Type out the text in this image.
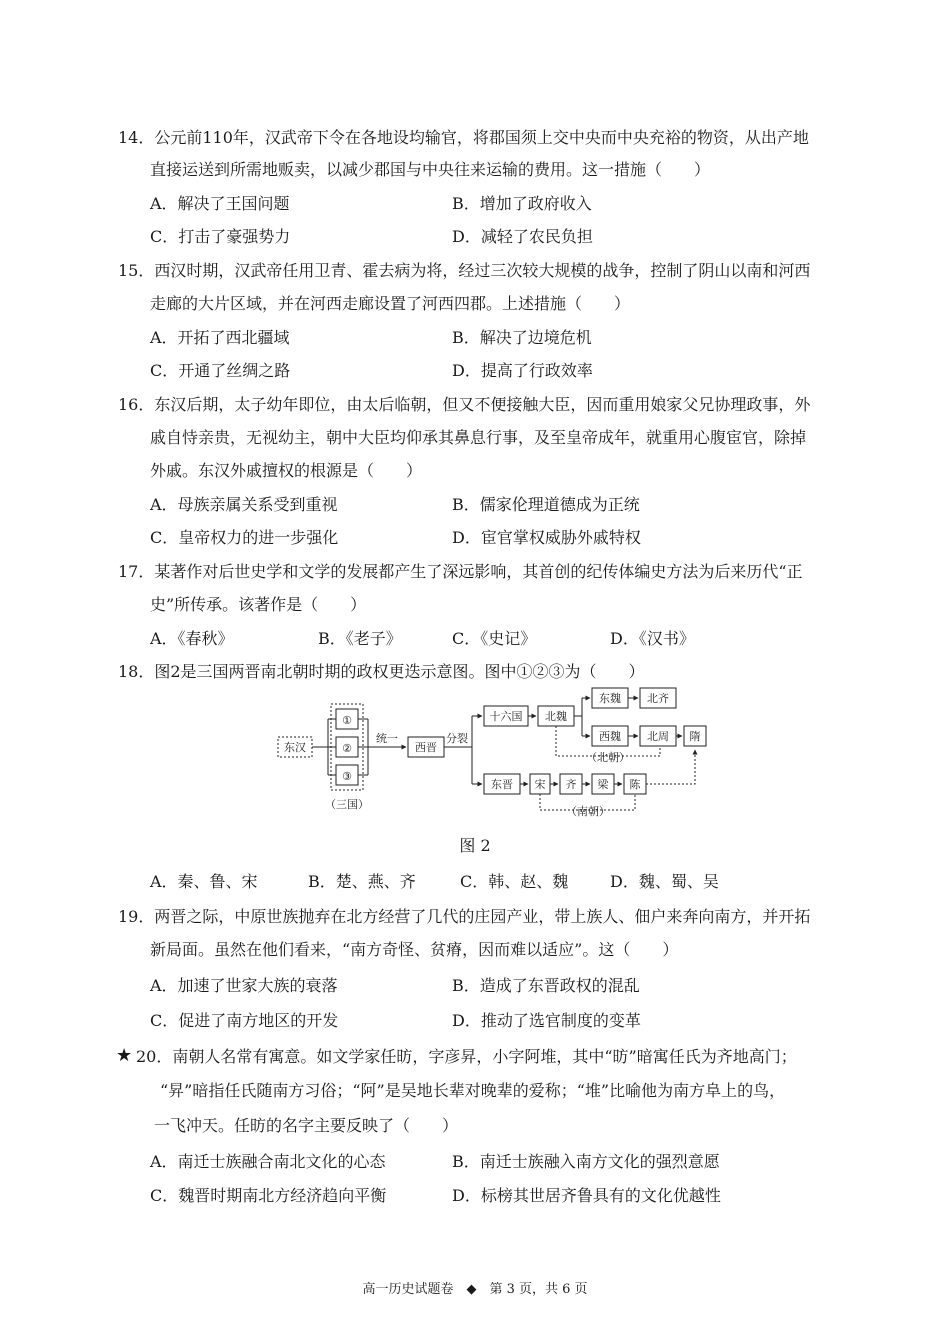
14．公元前110年，汉武帝下令在各地设均输官，将郡国须上交中央而中央充裕的物资，从出产地
直接运送到所需地贩卖，以减少郡国与中央往来运输的费用。这一措施（　　）
A．解决了王国问题	B．增加了政府收入
C．打击了豪强势力	D．减轻了农民负担
15．西汉时期，汉武帝任用卫青、霍去病为将，经过三次较大规模的战争，控制了阴山以南和河西
走廊的大片区域，并在河西走廊设置了河西四郡。上述措施（　　）
A．开拓了西北疆域	B．解决了边境危机
C．开通了丝绸之路	D．提高了行政效率
16．东汉后期，太子幼年即位，由太后临朝，但又不便接触大臣，因而重用娘家父兄协理政事，外
戚自恃亲贵，无视幼主，朝中大臣均仰承其鼻息行事，及至皇帝成年，就重用心腹宦官，除掉
外戚。东汉外戚擅权的根源是（　　）
A．母族亲属关系受到重视	B．儒家伦理道德成为正统
C．皇帝权力的进一步强化	D．宦官掌权威胁外戚特权
17．某著作对后世史学和文学的发展都产生了深远影响，其首创的纪传体编史方法为后来历代“正
史”所传承。该著作是（　　）
A．《春秋》	B．《老子》	C．《史记》	D．《汉书》
18．图2是三国两晋南北朝时期的政权更迭示意图。图中①②③为（　　）
东汉
①
②
③
（三国）
统一
西晋
分裂
十六国 北魏
东魏 北齐
西魏 北周 隋
（北朝）
东晋 宋 齐 梁 陈
（南朝）
图 2
A．秦、鲁、宋	B．楚、燕、齐	C．韩、赵、魏	D．魏、蜀、吴
19．两晋之际，中原世族抛弃在北方经营了几代的庄园产业，带上族人、佃户来奔向南方，并开拓
新局面。虽然在他们看来，“南方奇怪、贫瘠，因而难以适应”。这（　　）
A．加速了世家大族的衰落	B．造成了东晋政权的混乱
C．促进了南方地区的开发	D．推动了选官制度的变革
★ 20．南朝人名常有寓意。如文学家任昉，字彦昇，小字阿堆，其中“昉”暗寓任氏为齐地高门；
“昇”暗指任氏随南方习俗；“阿”是吴地长辈对晚辈的爱称；“堆”比喻他为南方阜上的鸟，
一飞冲天。任昉的名字主要反映了（　　）
A．南迁士族融合南北文化的心态	B．南迁士族融入南方文化的强烈意愿
C．魏晋时期南北方经济趋向平衡	D．标榜其世居齐鲁具有的文化优越性
高一历史试题卷　◆　第 3 页，共 6 页
